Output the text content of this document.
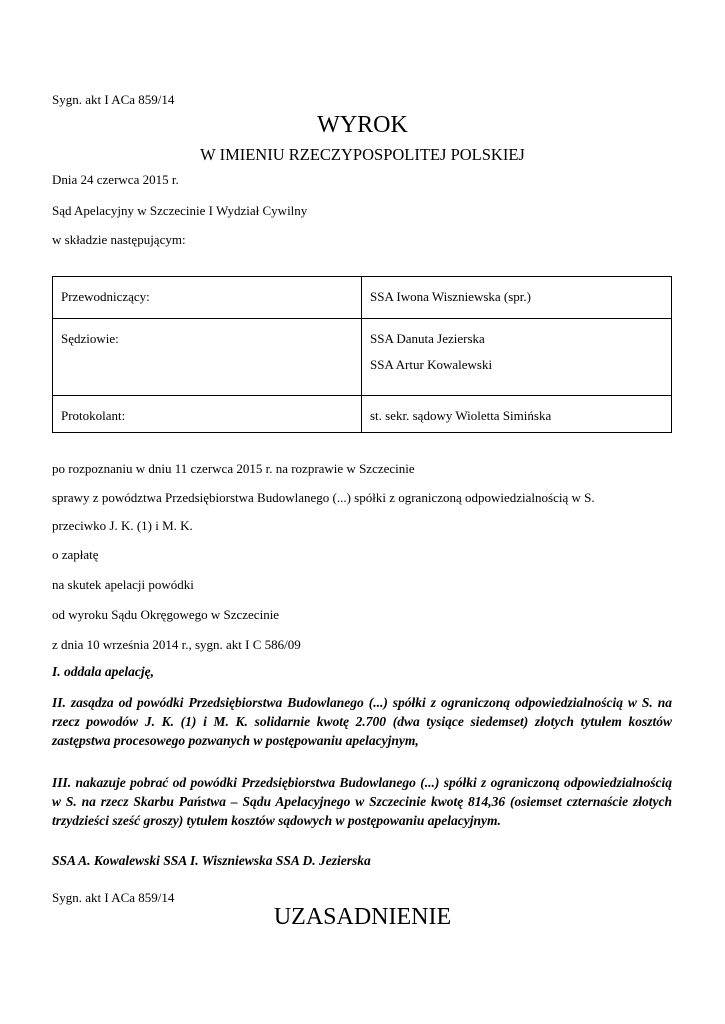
Sygn. akt I ACa 859/14
WYROK
W IMIENIU RZECZYPOSPOLITEJ POLSKIEJ
Dnia 24 czerwca 2015 r.
Sąd Apelacyjny w Szczecinie I Wydział Cywilny
w składzie następującym:
Przewodniczący:	SSA Iwona Wiszniewska (spr.)
Sędziowie:	SSA Danuta Jezierska
SSA Artur Kowalewski
Protokolant:	st. sekr. sądowy Wioletta Simińska
po rozpoznaniu w dniu 11 czerwca 2015 r. na rozprawie w Szczecinie
sprawy z powództwa Przedsiębiorstwa Budowlanego (...) spółki z ograniczoną odpowiedzialnością w S.
przeciwko J. K. (1) i M. K.
o zapłatę
na skutek apelacji powódki
od wyroku Sądu Okręgowego w Szczecinie
z dnia 10 września 2014 r., sygn. akt I C 586/09
I. oddala apelację,
II. zasądza od powódki Przedsiębiorstwa Budowlanego (...) spółki z ograniczoną odpowiedzialnością w S. na rzecz powodów J. K. (1) i M. K. solidarnie kwotę 2.700 (dwa tysiące siedemset) złotych tytułem kosztów zastępstwa procesowego pozwanych w postępowaniu apelacyjnym,
III. nakazuje pobrać od powódki Przedsiębiorstwa Budowlanego (...) spółki z ograniczoną odpowiedzialnością w S. na rzecz Skarbu Państwa – Sądu Apelacyjnego w Szczecinie kwotę 814,36 (osiemset czternaście złotych trzydzieści sześć groszy) tytułem kosztów sądowych w postępowaniu apelacyjnym.
SSA A. Kowalewski SSA I. Wiszniewska SSA D. Jezierska
Sygn. akt I ACa 859/14
UZASADNIENIE
